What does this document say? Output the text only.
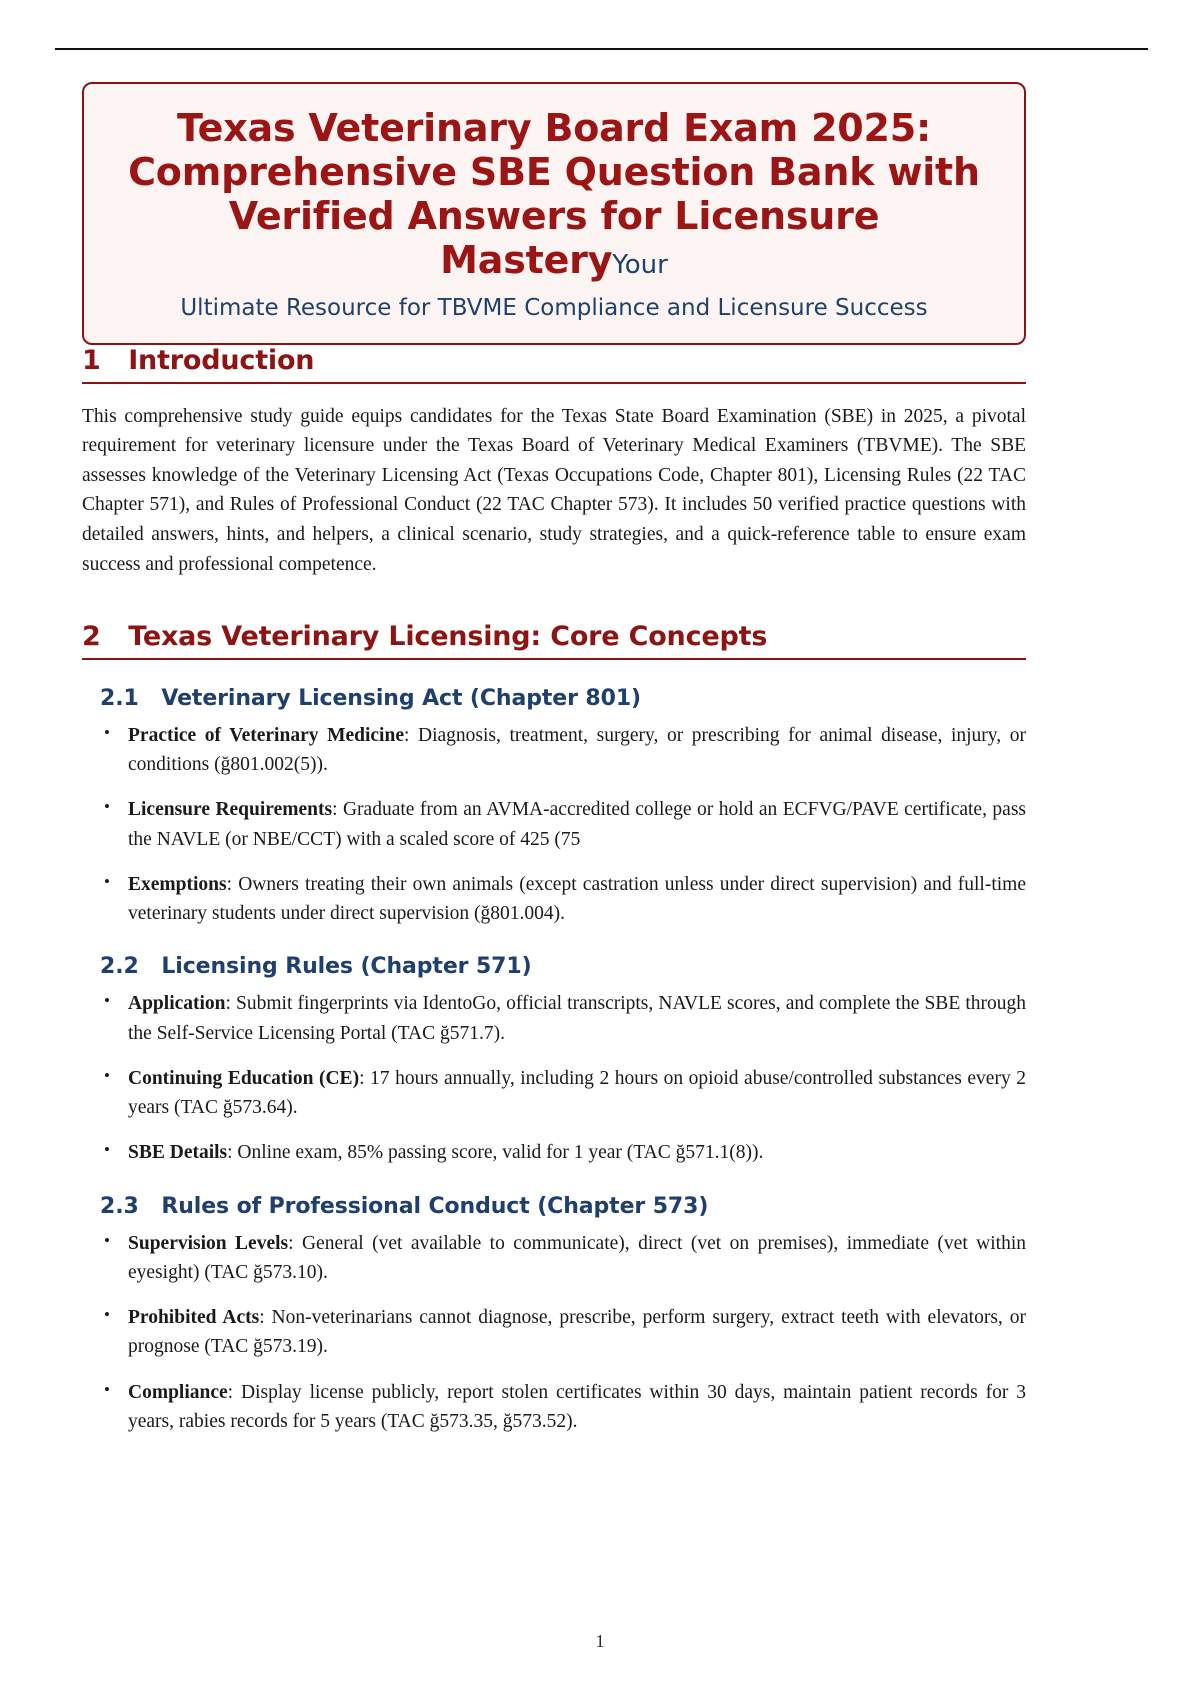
Texas Veterinary Board Exam 2025: Comprehensive SBE Question Bank with Verified Answers for Licensure MasteryYour
Ultimate Resource for TBVME Compliance and Licensure Success
1   Introduction

This comprehensive study guide equips candidates for the Texas State Board Examination (SBE) in 2025, a pivotal requirement for veterinary licensure under the Texas Board of Veterinary Medical Examiners (TBVME). The SBE assesses knowledge of the Veterinary Licensing Act (Texas Occupations Code, Chapter 801), Licensing Rules (22 TAC Chapter 571), and Rules of Professional Conduct (22 TAC Chapter 573). It includes 50 verified practice questions with detailed answers, hints, and helpers, a clinical scenario, study strategies, and a quick-reference table to ensure exam success and professional competence.

2   Texas Veterinary Licensing: Core Concepts
2.1   Veterinary Licensing Act (Chapter 801)
• Practice of Veterinary Medicine: Diagnosis, treatment, surgery, or prescribing for animal disease, injury, or conditions (ğ801.002(5)).
• Licensure Requirements: Graduate from an AVMA-accredited college or hold an ECFVG/PAVE certificate, pass the NAVLE (or NBE/CCT) with a scaled score of 425 (75
• Exemptions: Owners treating their own animals (except castration unless under direct supervision) and full-time veterinary students under direct supervision (ğ801.004).
2.2   Licensing Rules (Chapter 571)
• Application: Submit fingerprints via IdentoGo, official transcripts, NAVLE scores, and complete the SBE through the Self-Service Licensing Portal (TAC ğ571.7).
• Continuing Education (CE): 17 hours annually, including 2 hours on opioid abuse/controlled substances every 2 years (TAC ğ573.64).
• SBE Details: Online exam, 85% passing score, valid for 1 year (TAC ğ571.1(8)).
2.3   Rules of Professional Conduct (Chapter 573)
• Supervision Levels: General (vet available to communicate), direct (vet on premises), immediate (vet within eyesight) (TAC ğ573.10).
• Prohibited Acts: Non-veterinarians cannot diagnose, prescribe, perform surgery, extract teeth with elevators, or prognose (TAC ğ573.19).
• Compliance: Display license publicly, report stolen certificates within 30 days, maintain patient records for 3 years, rabies records for 5 years (TAC ğ573.35, ğ573.52).
1
